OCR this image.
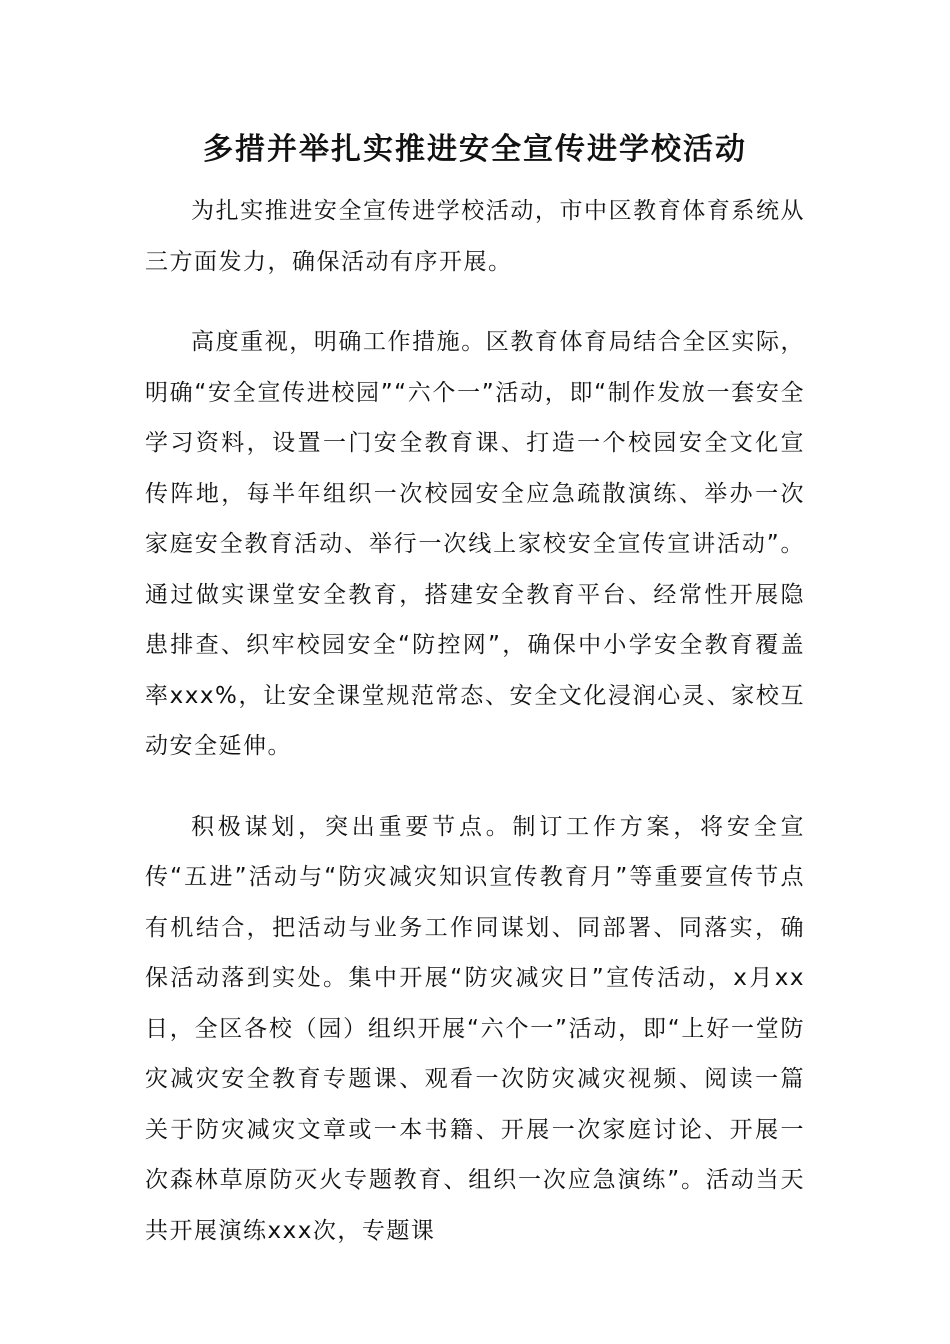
多措并举扎实推进安全宣传进学校活动

为扎实推进安全宣传进学校活动，市中区教育体育系统从三方面发力，确保活动有序开展。

高度重视，明确工作措施。区教育体育局结合全区实际，明确“安全宣传进校园”“六个一”活动，即“制作发放一套安全学习资料，设置一门安全教育课、打造一个校园安全文化宣传阵地，每半年组织一次校园安全应急疏散演练、举办一次家庭安全教育活动、举行一次线上家校安全宣传宣讲活动”。通过做实课堂安全教育，搭建安全教育平台、经常性开展隐患排查、织牢校园安全“防控网”，确保中小学安全教育覆盖率xxx%，让安全课堂规范常态、安全文化浸润心灵、家校互动安全延伸。

积极谋划，突出重要节点。制订工作方案，将安全宣传“五进”活动与“防灾减灾知识宣传教育月”等重要宣传节点有机结合，把活动与业务工作同谋划、同部署、同落实，确保活动落到实处。集中开展“防灾减灾日”宣传活动，x月xx日，全区各校（园）组织开展“六个一”活动，即“上好一堂防灾减灾安全教育专题课、观看一次防灾减灾视频、阅读一篇关于防灾减灾文章或一本书籍、开展一次家庭讨论、开展一次森林草原防灭火专题教育、组织一次应急演练”。活动当天共开展演练xxx次，专题课
